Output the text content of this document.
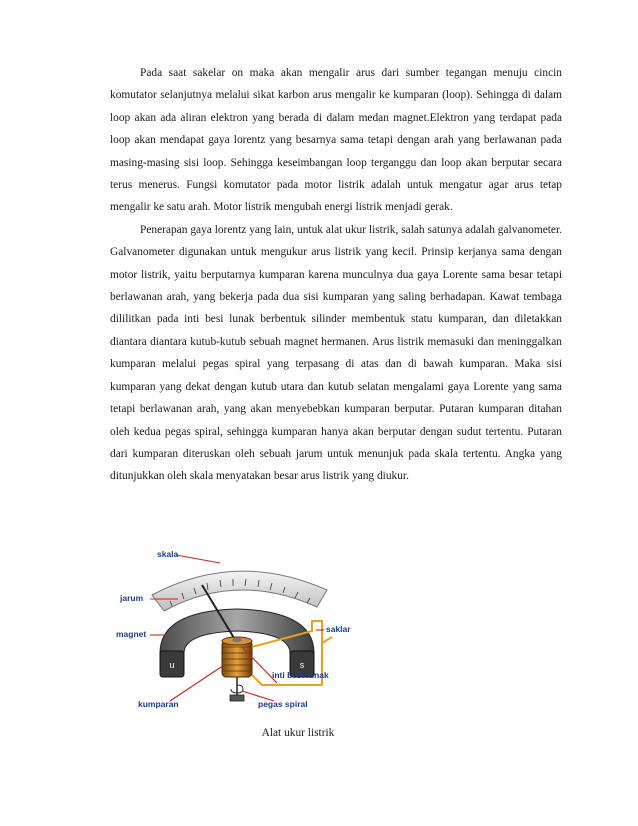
Pada saat sakelar on maka akan mengalir arus dari sumber tegangan menuju cincin komutator selanjutnya melalui sikat karbon arus mengalir ke kumparan (loop). Sehingga di dalam loop akan ada aliran elektron yang berada di dalam medan magnet.Elektron yang terdapat pada loop akan mendapat gaya lorentz yang besarnya sama tetapi dengan arah yang berlawanan pada masing-masing sisi loop. Sehingga keseimbangan loop terganggu dan loop akan berputar secara terus menerus. Fungsi komutator pada motor listrik adalah untuk mengatur agar arus tetap mengalir ke satu arah. Motor listrik mengubah energi listrik menjadi gerak.

Penerapan gaya lorentz yang lain, untuk alat ukur listrik, salah satunya adalah galvanometer. Galvanometer digunakan untuk mengukur arus listrik yang kecil. Prinsip kerjanya sama dengan motor listrik, yaitu berputarnya kumparan karena munculnya dua gaya Lorente sama besar tetapi berlawanan arah, yang bekerja pada dua sisi kumparan yang saling berhadapan. Kawat tembaga dililitkan pada inti besi lunak berbentuk silinder membentuk statu kumparan, dan diletakkan diantara diantara kutub-kutub sebuah magnet hermanen. Arus listrik memasuki dan meninggalkan kumparan melalui pegas spiral yang terpasang di atas dan di bawah kumparan. Maka sisi kumparan yang dekat dengan kutub utara dan kutub selatan mengalami gaya Lorente yang sama tetapi berlawanan arah, yang akan menyebebkan kumparan berputar. Putaran kumparan ditahan oleh kedua pegas spiral, sehingga kumparan hanya akan berputar dengan sudut tertentu. Putaran dari kumparan diteruskan oleh sebuah jarum untuk menunjuk pada skala tertentu. Angka yang ditunjukkan oleh skala menyatakan besar arus listrik yang diukur.

u	s
skala
jarum
magnet
kumparan
saklar
inti besi lunak
pegas spiral
Alat ukur listrik
